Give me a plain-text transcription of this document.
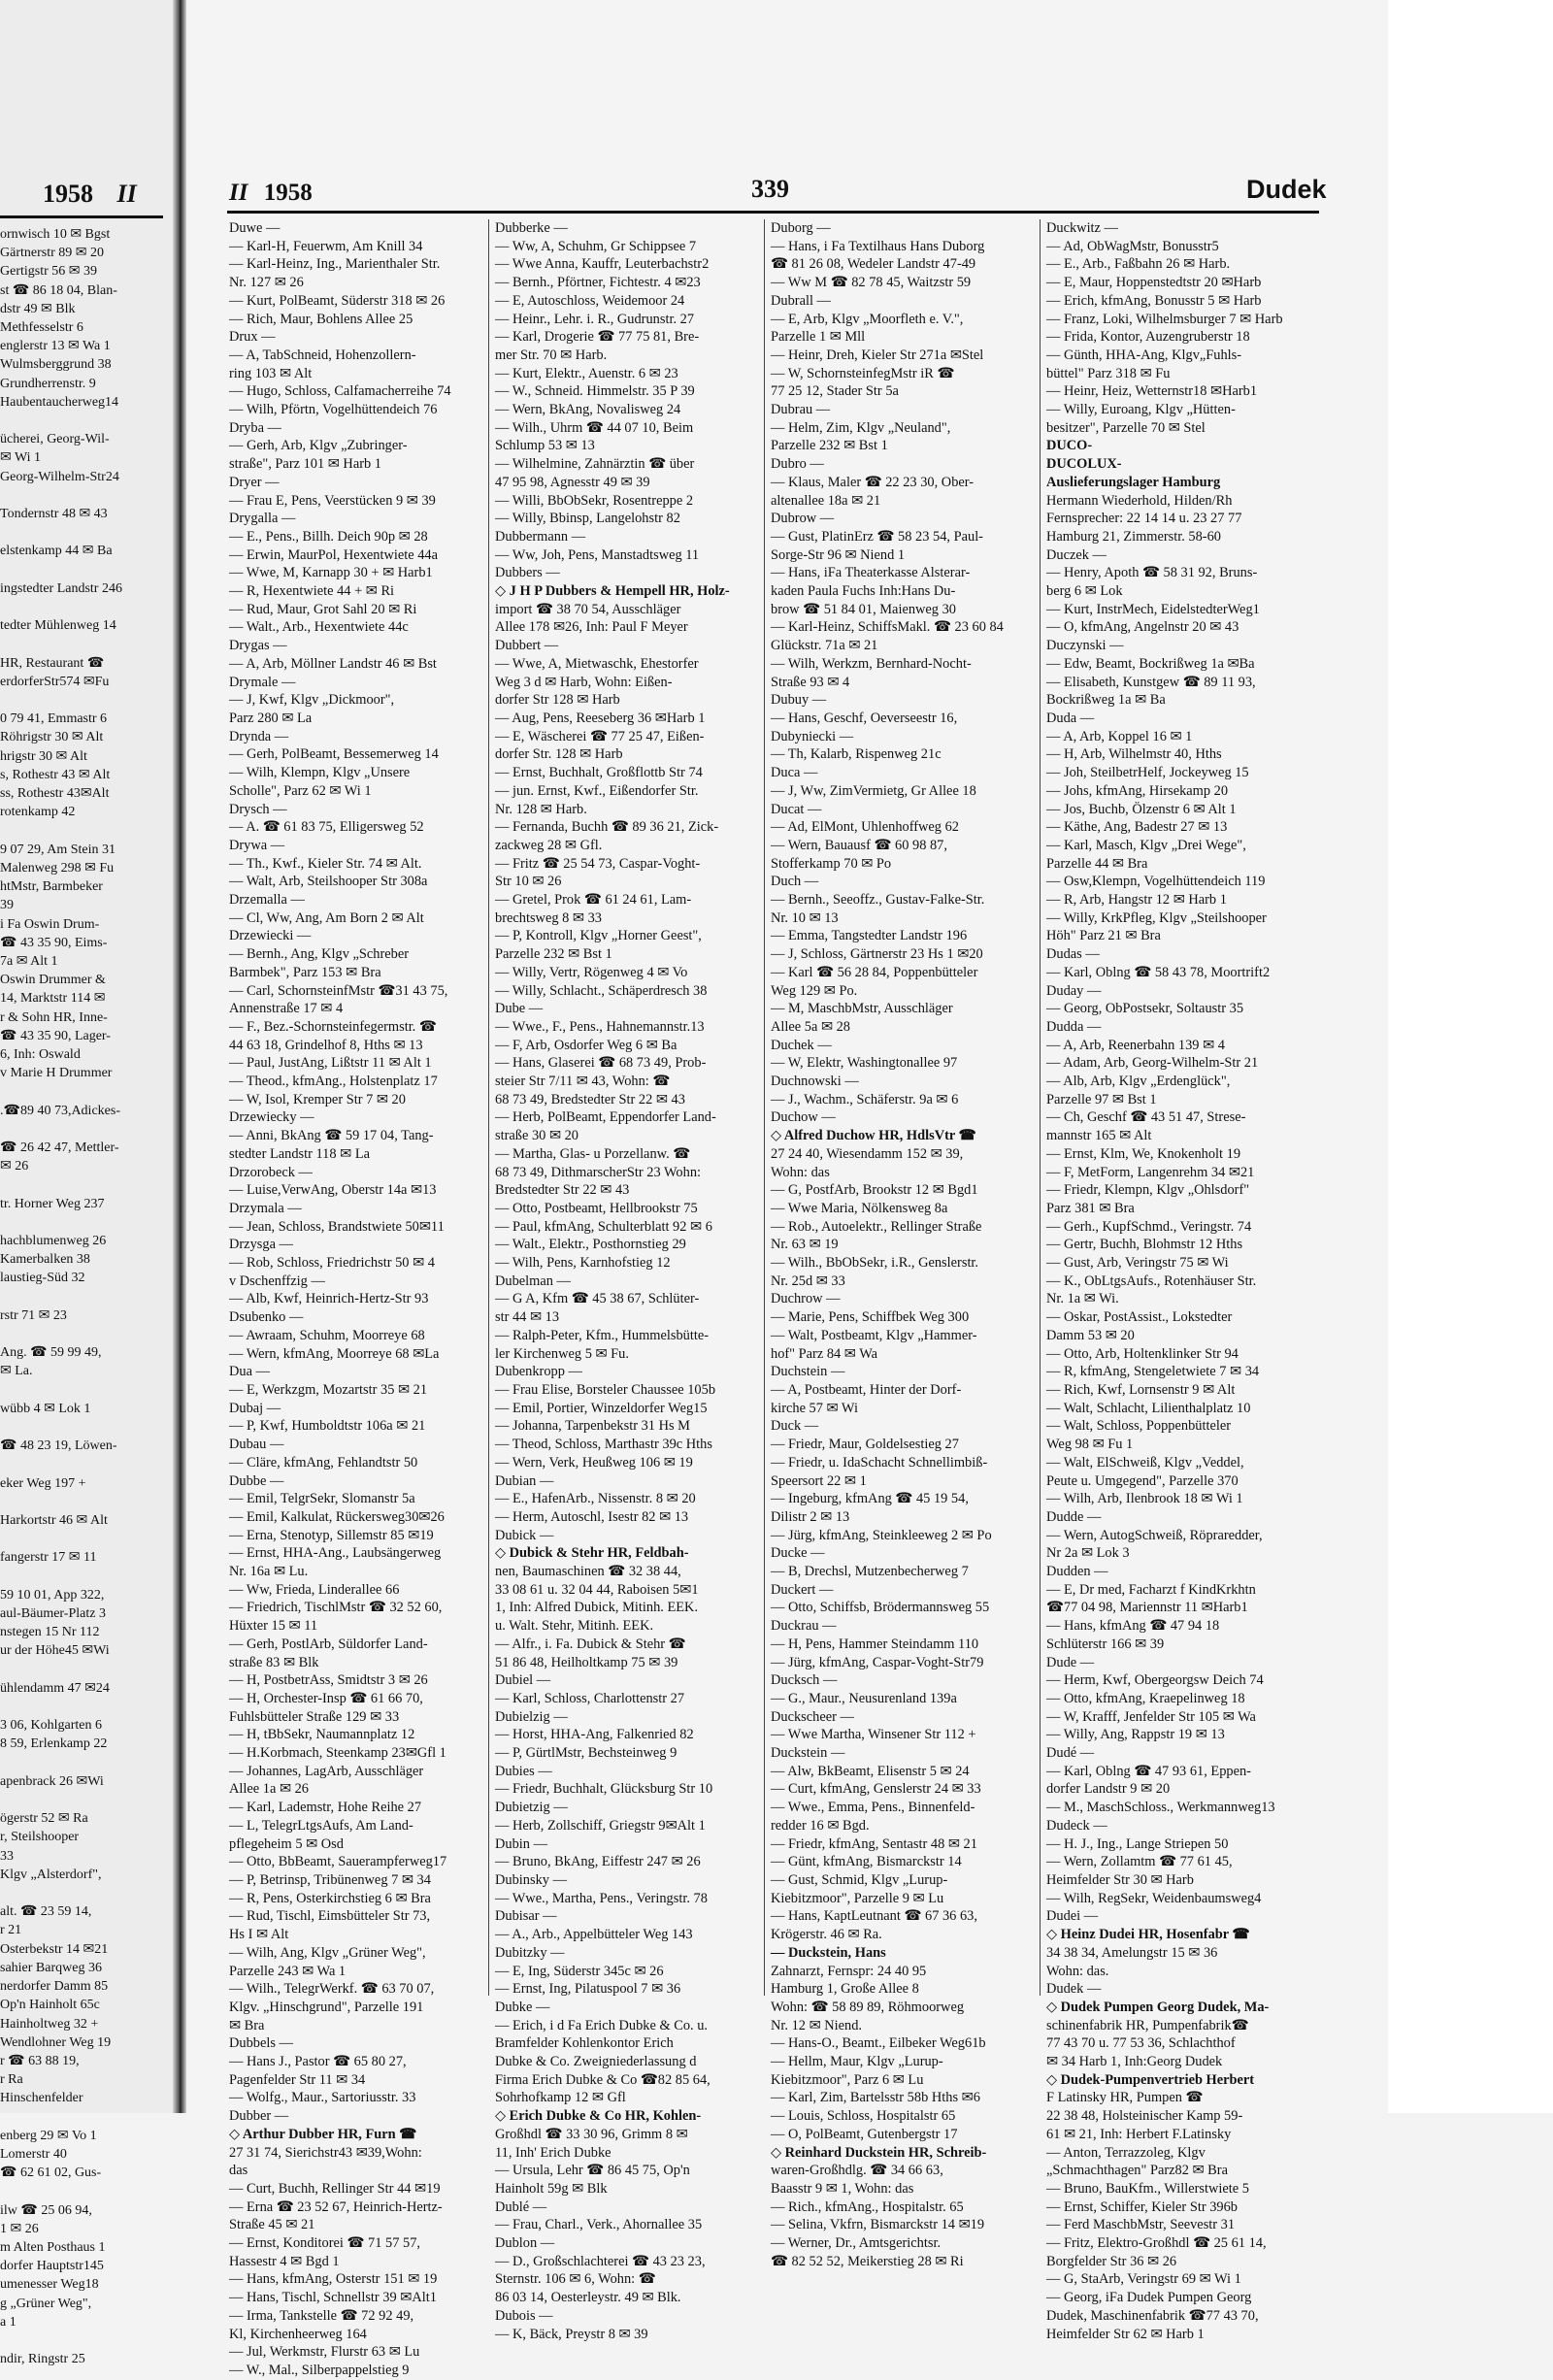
1958 II
ornwisch 10 ✉ Bgst
Gärtnerstr 89 ✉ 20
Gertigstr 56 ✉ 39
st ☎ 86 18 04, Blan-
dstr 49 ✉ Blk
Methfesselstr 6
englerstr 13 ✉ Wa 1
Wulmsberggrund 38
Grundherrenstr. 9
Haubentaucherweg14

ücherei, Georg-Wil-
✉ Wi 1
Georg-Wilhelm-Str24

Tondernstr 48 ✉ 43

elstenkamp 44 ✉ Ba

ingstedter Landstr 246

tedter Mühlenweg 14

HR, Restaurant ☎
erdorferStr574 ✉Fu

0 79 41, Emmastr 6
Röhrigstr 30 ✉ Alt
hrigstr 30 ✉ Alt
s, Rothestr 43 ✉ Alt
ss, Rothestr 43✉Alt
rotenkamp 42

9 07 29, Am Stein 31
Malenweg 298 ✉ Fu
htMstr, Barmbeker
39
i Fa Oswin Drum-
☎ 43 35 90, Eims-
7a ✉ Alt 1
Oswin Drummer &
14, Marktstr 114 ✉
r & Sohn HR, Inne-
☎ 43 35 90, Lager-
6, Inh: Oswald
v Marie H Drummer

.☎89 40 73,Adickes-

☎ 26 42 47, Mettler-
✉ 26

tr. Horner Weg 237

hachblumenweg 26
Kamerbalken 38
laustieg-Süd 32

rstr 71 ✉ 23

Ang. ☎ 59 99 49,
✉ La.

wübb 4 ✉ Lok 1

☎ 48 23 19, Löwen-

eker Weg 197 +

Harkortstr 46 ✉ Alt

fangerstr 17 ✉ 11

59 10 01, App 322,
aul-Bäumer-Platz 3
nstegen 15 Nr 112
ur der Höhe45 ✉Wi

ühlendamm 47 ✉24

3 06, Kohlgarten 6
8 59, Erlenkamp 22

apenbrack 26 ✉Wi

ögerstr 52 ✉ Ra
r, Steilshooper
33
Klgv „Alsterdorf",

alt. ☎ 23 59 14,
r 21
Osterbekstr 14 ✉21
sahier Barqweg 36
nerdorfer Damm 85
Op'n Hainholt 65c
Hainholtweg 32 +
Wendlohner Weg 19
r ☎ 63 88 19,
r Ra
Hinschenfelder

enberg 29 ✉ Vo 1
Lomerstr 40
☎ 62 61 02, Gus-

ilw ☎ 25 06 94,
1 ✉ 26
m Alten Posthaus 1
dorfer Hauptstr145
umenesser Weg18
g „Grüner Weg",
a 1

ndir, Ringstr 25
II 1958	339	Dudek
Duwe —
— Karl-H, Feuerwm, Am Knill 34
— Karl-Heinz, Ing., Marienthaler Str.
Nr. 127 ✉ 26
— Kurt, PolBeamt, Süderstr 318 ✉ 26
— Rich, Maur, Bohlens Allee 25
Drux —
— A, TabSchneid, Hohenzollern-
ring 103 ✉ Alt
— Hugo, Schloss, Calfamacherreihe 74
— Wilh, Pförtn, Vogelhüttendeich 76
Dryba —
— Gerh, Arb, Klgv „Zubringer-
straße", Parz 101 ✉ Harb 1
Dryer —
— Frau E, Pens, Veerstücken 9 ✉ 39
Drygalla —
— E., Pens., Billh. Deich 90p ✉ 28
— Erwin, MaurPol, Hexentwiete 44a
— Wwe, M, Karnapp 30 + ✉ Harb1
— R, Hexentwiete 44 + ✉ Ri
— Rud, Maur, Grot Sahl 20 ✉ Ri
— Walt., Arb., Hexentwiete 44c
Drygas —
— A, Arb, Möllner Landstr 46 ✉ Bst
Drymale —
— J, Kwf, Klgv „Dickmoor",
Parz 280 ✉ La
Drynda —
— Gerh, PolBeamt, Bessemerweg 14
— Wilh, Klempn, Klgv „Unsere
Scholle", Parz 62 ✉ Wi 1
Drysch —
— A. ☎ 61 83 75, Elligersweg 52
Drywa —
— Th., Kwf., Kieler Str. 74 ✉ Alt.
— Walt, Arb, Steilshooper Str 308a
Drzemalla —
— Cl, Ww, Ang, Am Born 2 ✉ Alt
Drzewiecki —
— Bernh., Ang, Klgv „Schreber
Barmbek", Parz 153 ✉ Bra
— Carl, SchornsteinfMstr ☎31 43 75,
Annenstraße 17 ✉ 4
— F., Bez.-Schornsteinfegermstr. ☎
44 63 18, Grindelhof 8, Hths ✉ 13
— Paul, JustAng, Lißtstr 11 ✉ Alt 1
— Theod., kfmAng., Holstenplatz 17
— W, Isol, Kremper Str 7 ✉ 20
Drzewiecky —
— Anni, BkAng ☎ 59 17 04, Tang-
stedter Landstr 118 ✉ La
Drzorobeck —
— Luise,VerwAng, Oberstr 14a ✉13
Drzymala —
— Jean, Schloss, Brandstwiete 50✉11
Drzysga —
— Rob, Schloss, Friedrichstr 50 ✉ 4
v Dschenffzig —
— Alb, Kwf, Heinrich-Hertz-Str 93
Dsubenko —
— Awraam, Schuhm, Moorreye 68
— Wern, kfmAng, Moorreye 68 ✉La
Dua —
— E, Werkzgm, Mozartstr 35 ✉ 21
Dubaj —
— P, Kwf, Humboldtstr 106a ✉ 21
Dubau —
— Cläre, kfmAng, Fehlandtstr 50
Dubbe —
— Emil, TelgrSekr, Slomanstr 5a
— Emil, Kalkulat, Rückersweg30✉26
— Erna, Stenotyp, Sillemstr 85 ✉19
— Ernst, HHA-Ang., Laubsängerweg
Nr. 16a ✉ Lu.
— Ww, Frieda, Linderallee 66
— Friedrich, TischlMstr ☎ 32 52 60,
Hüxter 15 ✉ 11
— Gerh, PostlArb, Süldorfer Land-
straße 83 ✉ Blk
— H, PostbetrAss, Smidtstr 3 ✉ 26
— H, Orchester-Insp ☎ 61 66 70,
Fuhlsbütteler Straße 129 ✉ 33
— H, tBbSekr, Naumannplatz 12
— H.Korbmach, Steenkamp 23✉Gfl 1
— Johannes, LagArb, Ausschläger
Allee 1a ✉ 26
— Karl, Lademstr, Hohe Reihe 27
— L, TelegrLtgsAufs, Am Land-
pflegeheim 5 ✉ Osd
— Otto, BbBeamt, Sauerampferweg17
— P, Betrinsp, Tribünenweg 7 ✉ 34
— R, Pens, Osterkirchstieg 6 ✉ Bra
— Rud, Tischl, Eimsbütteler Str 73,
Hs I ✉ Alt
— Wilh, Ang, Klgv „Grüner Weg",
Parzelle 243 ✉ Wa 1
— Wilh., TelegrWerkf. ☎ 63 70 07,
Klgv. „Hinschgrund", Parzelle 191
✉ Bra
Dubbels —
— Hans J., Pastor ☎ 65 80 27,
Pagenfelder Str 11 ✉ 34
— Wolfg., Maur., Sartoriusstr. 33
Dubber —
◇ Arthur Dubber HR, Furn ☎
27 31 74, Sierichstr43 ✉39,Wohn:
das
— Curt, Buchh, Rellinger Str 44 ✉19
— Erna ☎ 23 52 67, Heinrich-Hertz-
Straße 45 ✉ 21
— Ernst, Konditorei ☎ 71 57 57,
Hassestr 4 ✉ Bgd 1
— Hans, kfmAng, Osterstr 151 ✉ 19
— Hans, Tischl, Schnellstr 39 ✉Alt1
— Irma, Tankstelle ☎ 72 92 49,
Kl, Kirchenheerweg 164
— Jul, Werkmstr, Flurstr 63 ✉ Lu
— W., Mal., Silberpappelstieg 9
Dubberke —
— Ww, A, Schuhm, Gr Schippsee 7
— Wwe Anna, Kauffr, Leuterbachstr2
— Bernh., Pförtner, Fichtestr. 4 ✉23
— E, Autoschloss, Weidemoor 24
— Heinr., Lehr. i. R., Gudrunstr. 27
— Karl, Drogerie ☎ 77 75 81, Bre-
mer Str. 70 ✉ Harb.
— Kurt, Elektr., Auenstr. 6 ✉ 23
— W., Schneid. Himmelstr. 35 P 39
— Wern, BkAng, Novalisweg 24
— Wilh., Uhrm ☎ 44 07 10, Beim
Schlump 53 ✉ 13
— Wilhelmine, Zahnärztin ☎ über
47 95 98, Agnesstr 49 ✉ 39
— Willi, BbObSekr, Rosentreppe 2
— Willy, Bbinsp, Langelohstr 82
Dubbermann —
— Ww, Joh, Pens, Manstadtsweg 11
Dubbers —
◇ J H P Dubbers & Hempell HR, Holz-
import ☎ 38 70 54, Ausschläger
Allee 178 ✉26, Inh: Paul F Meyer
Dubbert —
— Wwe, A, Mietwaschk, Ehestorfer
Weg 3 d ✉ Harb, Wohn: Eißen-
dorfer Str 128 ✉ Harb
— Aug, Pens, Reeseberg 36 ✉Harb 1
— E, Wäscherei ☎ 77 25 47, Eißen-
dorfer Str. 128 ✉ Harb
— Ernst, Buchhalt, Großflottb Str 74
— jun. Ernst, Kwf., Eißendorfer Str.
Nr. 128 ✉ Harb.
— Fernanda, Buchh ☎ 89 36 21, Zick-
zackweg 28 ✉ Gfl.
— Fritz ☎ 25 54 73, Caspar-Voght-
Str 10 ✉ 26
— Gretel, Prok ☎ 61 24 61, Lam-
brechtsweg 8 ✉ 33
— P, Kontroll, Klgv „Horner Geest",
Parzelle 232 ✉ Bst 1
— Willy, Vertr, Rögenweg 4 ✉ Vo
— Willy, Schlacht., Schäperdresch 38
Dube —
— Wwe., F., Pens., Hahnemannstr.13
— F, Arb, Osdorfer Weg 6 ✉ Ba
— Hans, Glaserei ☎ 68 73 49, Prob-
steier Str 7/11 ✉ 43, Wohn: ☎
68 73 49, Bredstedter Str 22 ✉ 43
— Herb, PolBeamt, Eppendorfer Land-
straße 30 ✉ 20
— Martha, Glas- u Porzellanw. ☎
68 73 49, DithmarscherStr 23 Wohn:
Bredstedter Str 22 ✉ 43
— Otto, Postbeamt, Hellbrookstr 75
— Paul, kfmAng, Schulterblatt 92 ✉ 6
— Walt., Elektr., Posthornstieg 29
— Wilh, Pens, Karnhofstieg 12
Dubelman —
— G A, Kfm ☎ 45 38 67, Schlüter-
str 44 ✉ 13
— Ralph-Peter, Kfm., Hummelsbütte-
ler Kirchenweg 5 ✉ Fu.
Dubenkropp —
— Frau Elise, Borsteler Chaussee 105b
— Emil, Portier, Winzeldorfer Weg15
— Johanna, Tarpenbekstr 31 Hs M
— Theod, Schloss, Marthastr 39c Hths
— Wern, Verk, Heußweg 106 ✉ 19
Dubian —
— E., HafenArb., Nissenstr. 8 ✉ 20
— Herm, Autoschl, Isestr 82 ✉ 13
Dubick —
◇ Dubick & Stehr HR, Feldbah-
nen, Baumaschinen ☎ 32 38 44,
33 08 61 u. 32 04 44, Raboisen 5✉1
1, Inh: Alfred Dubick, Mitinh. EEK.
u. Walt. Stehr, Mitinh. EEK.
— Alfr., i. Fa. Dubick & Stehr ☎
51 86 48, Heilholtkamp 75 ✉ 39
Dubiel —
— Karl, Schloss, Charlottenstr 27
Dubielzig —
— Horst, HHA-Ang, Falkenried 82
— P, GürtlMstr, Bechsteinweg 9
Dubies —
— Friedr, Buchhalt, Glücksburg Str 10
Dubietzig —
— Herb, Zollschiff, Griegstr 9✉Alt 1
Dubin —
— Bruno, BkAng, Eiffestr 247 ✉ 26
Dubinsky —
— Wwe., Martha, Pens., Veringstr. 78
Dubisar —
— A., Arb., Appelbütteler Weg 143
Dubitzky —
— E, Ing, Süderstr 345c ✉ 26
— Ernst, Ing, Pilatuspool 7 ✉ 36
Dubke —
— Erich, i d Fa Erich Dubke & Co. u.
Bramfelder Kohlenkontor Erich
Dubke & Co. Zweigniederlassung d
Firma Erich Dubke & Co ☎82 85 64,
Sohrhofkamp 12 ✉ Gfl
◇ Erich Dubke & Co HR, Kohlen-
Großhdl ☎ 33 30 96, Grimm 8 ✉
11, Inh' Erich Dubke
— Ursula, Lehr ☎ 86 45 75, Op'n
Hainholt 59g ✉ Blk
Dublé —
— Frau, Charl., Verk., Ahornallee 35
Dublon —
— D., Großschlachterei ☎ 43 23 23,
Sternstr. 106 ✉ 6, Wohn: ☎
86 03 14, Oesterleystr. 49 ✉ Blk.
Dubois —
— K, Bäck, Preystr 8 ✉ 39
Duborg —
— Hans, i Fa Textilhaus Hans Duborg
☎ 81 26 08, Wedeler Landstr 47-49
— Ww M ☎ 82 78 45, Waitzstr 59
Dubrall —
— E, Arb, Klgv „Moorfleth e. V.",
Parzelle 1 ✉ Mll
— Heinr, Dreh, Kieler Str 271a ✉Stel
— W, SchornsteinfegMstr iR ☎
77 25 12, Stader Str 5a
Dubrau —
— Helm, Zim, Klgv „Neuland",
Parzelle 232 ✉ Bst 1
Dubro —
— Klaus, Maler ☎ 22 23 30, Ober-
altenallee 18a ✉ 21
Dubrow —
— Gust, PlatinErz ☎ 58 23 54, Paul-
Sorge-Str 96 ✉ Niend 1
— Hans, iFa Theaterkasse Alsterar-
kaden Paula Fuchs Inh:Hans Du-
brow ☎ 51 84 01, Maienweg 30
— Karl-Heinz, SchiffsMakl. ☎ 23 60 84
Glückstr. 71a ✉ 21
— Wilh, Werkzm, Bernhard-Nocht-
Straße 93 ✉ 4
Dubuy —
— Hans, Geschf, Oeverseestr 16,
Dubyniecki —
— Th, Kalarb, Rispenweg 21c
Duca —
— J, Ww, ZimVermietg, Gr Allee 18
Ducat —
— Ad, ElMont, Uhlenhoffweg 62
— Wern, Bauausf ☎ 60 98 87,
Stofferkamp 70 ✉ Po
Duch —
— Bernh., Seeoffz., Gustav-Falke-Str.
Nr. 10 ✉ 13
— Emma, Tangstedter Landstr 196
— J, Schloss, Gärtnerstr 23 Hs 1 ✉20
— Karl ☎ 56 28 84, Poppenbütteler
Weg 129 ✉ Po.
— M, MaschbMstr, Ausschläger
Allee 5a ✉ 28
Duchek —
— W, Elektr, Washingtonallee 97
Duchnowski —
— J., Wachm., Schäferstr. 9a ✉ 6
Duchow —
◇ Alfred Duchow HR, HdlsVtr ☎
27 24 40, Wiesendamm 152 ✉ 39,
Wohn: das
— G, PostfArb, Brookstr 12 ✉ Bgd1
— Wwe Maria, Nölkensweg 8a
— Rob., Autoelektr., Rellinger Straße
Nr. 63 ✉ 19
— Wilh., BbObSekr, i.R., Genslerstr.
Nr. 25d ✉ 33
Duchrow —
— Marie, Pens, Schiffbek Weg 300
— Walt, Postbeamt, Klgv „Hammer-
hof" Parz 84 ✉ Wa
Duchstein —
— A, Postbeamt, Hinter der Dorf-
kirche 57 ✉ Wi
Duck —
— Friedr, Maur, Goldelsestieg 27
— Friedr, u. IdaSchacht Schnellimbiß-
Speersort 22 ✉ 1
— Ingeburg, kfmAng ☎ 45 19 54,
Dilistr 2 ✉ 13
— Jürg, kfmAng, Steinkleeweg 2 ✉ Po
Ducke —
— B, Drechsl, Mutzenbecherweg 7
Duckert —
— Otto, Schiffsb, Brödermannsweg 55
Duckrau —
— H, Pens, Hammer Steindamm 110
— Jürg, kfmAng, Caspar-Voght-Str79
Ducksch —
— G., Maur., Neusurenland 139a
Duckscheer —
— Wwe Martha, Winsener Str 112 +
Duckstein —
— Alw, BkBeamt, Elisenstr 5 ✉ 24
— Curt, kfmAng, Genslerstr 24 ✉ 33
— Wwe., Emma, Pens., Binnenfeld-
redder 16 ✉ Bgd.
— Friedr, kfmAng, Sentastr 48 ✉ 21
— Günt, kfmAng, Bismarckstr 14
— Gust, Schmid, Klgv „Lurup-
Kiebitzmoor", Parzelle 9 ✉ Lu
— Hans, KaptLeutnant ☎ 67 36 63,
Krögerstr. 46 ✉ Ra.
— Duckstein, Hans
Zahnarzt, Fernspr: 24 40 95
Hamburg 1, Große Allee 8
Wohn: ☎ 58 89 89, Röhmoorweg
Nr. 12 ✉ Niend.
— Hans-O., Beamt., Eilbeker Weg61b
— Hellm, Maur, Klgv „Lurup-
Kiebitzmoor", Parz 6 ✉ Lu
— Karl, Zim, Bartelsstr 58b Hths ✉6
— Louis, Schloss, Hospitalstr 65
— O, PolBeamt, Gutenbergstr 17
◇ Reinhard Duckstein HR, Schreib-
waren-Großhdlg. ☎ 34 66 63,
Baasstr 9 ✉ 1, Wohn: das
— Rich., kfmAng., Hospitalstr. 65
— Selina, Vkfrn, Bismarckstr 14 ✉19
— Werner, Dr., Amtsgerichtsr.
☎ 82 52 52, Meikerstieg 28 ✉ Ri
Duckwitz —
— Ad, ObWagMstr, Bonusstr5
— E., Arb., Faßbahn 26 ✉ Harb.
— E, Maur, Hoppenstedtstr 20 ✉Harb
— Erich, kfmAng, Bonusstr 5 ✉ Harb
— Franz, Loki, Wilhelmsburger 7 ✉ Harb
— Frida, Kontor, Auzengruberstr 18
— Günth, HHA-Ang, Klgv„Fuhls-
büttel" Parz 318 ✉ Fu
— Heinr, Heiz, Wetternstr18 ✉Harb1
— Willy, Euroang, Klgv „Hütten-
besitzer", Parzelle 70 ✉ Stel
DUCO-
DUCOLUX-
Auslieferungslager Hamburg
Hermann Wiederhold, Hilden/Rh
Fernsprecher: 22 14 14 u. 23 27 77
Hamburg 21, Zimmerstr. 58-60
Duczek —
— Henry, Apoth ☎ 58 31 92, Bruns-
berg 6 ✉ Lok
— Kurt, InstrMech, EidelstedterWeg1
— O, kfmAng, Angelnstr 20 ✉ 43
Duczynski —
— Edw, Beamt, Bockrißweg 1a ✉Ba
— Elisabeth, Kunstgew ☎ 89 11 93,
Bockrißweg 1a ✉ Ba
Duda —
— A, Arb, Koppel 16 ✉ 1
— H, Arb, Wilhelmstr 40, Hths
— Joh, SteilbetrHelf, Jockeyweg 15
— Johs, kfmAng, Hirsekamp 20
— Jos, Buchb, Ölzenstr 6 ✉ Alt 1
— Käthe, Ang, Badestr 27 ✉ 13
— Karl, Masch, Klgv „Drei Wege",
Parzelle 44 ✉ Bra
— Osw,Klempn, Vogelhüttendeich 119
— R, Arb, Hangstr 12 ✉ Harb 1
— Willy, KrkPfleg, Klgv „Steilshooper
Höh" Parz 21 ✉ Bra
Dudas —
— Karl, Oblng ☎ 58 43 78, Moortrift2
Duday —
— Georg, ObPostsekr, Soltaustr 35
Dudda —
— A, Arb, Reenerbahn 139 ✉ 4
— Adam, Arb, Georg-Wilhelm-Str 21
— Alb, Arb, Klgv „Erdenglück",
Parzelle 97 ✉ Bst 1
— Ch, Geschf ☎ 43 51 47, Strese-
mannstr 165 ✉ Alt
— Ernst, Klm, We, Knokenholt 19
— F, MetForm, Langenrehm 34 ✉21
— Friedr, Klempn, Klgv „Ohlsdorf"
Parz 381 ✉ Bra
— Gerh., KupfSchmd., Veringstr. 74
— Gertr, Buchh, Blohmstr 12 Hths
— Gust, Arb, Veringstr 75 ✉ Wi
— K., ObLtgsAufs., Rotenhäuser Str.
Nr. 1a ✉ Wi.
— Oskar, PostAssist., Lokstedter
Damm 53 ✉ 20
— Otto, Arb, Holtenklinker Str 94
— R, kfmAng, Stengeletwiete 7 ✉ 34
— Rich, Kwf, Lornsenstr 9 ✉ Alt
— Walt, Schlacht, Lilienthalplatz 10
— Walt, Schloss, Poppenbütteler
Weg 98 ✉ Fu 1
— Walt, ElSchweiß, Klgv „Veddel,
Peute u. Umgegend", Parzelle 370
— Wilh, Arb, Ilenbrook 18 ✉ Wi 1
Dudde —
— Wern, AutogSchweiß, Röpraredder,
Nr 2a ✉ Lok 3
Dudden —
— E, Dr med, Facharzt f KindKrkhtn
☎77 04 98, Mariennstr 11 ✉Harb1
— Hans, kfmAng ☎ 47 94 18
Schlüterstr 166 ✉ 39
Dude —
— Herm, Kwf, Obergeorgsw Deich 74
— Otto, kfmAng, Kraepelinweg 18
— W, Krafff, Jenfelder Str 105 ✉ Wa
— Willy, Ang, Rappstr 19 ✉ 13
Dudé —
— Karl, Oblng ☎ 47 93 61, Eppen-
dorfer Landstr 9 ✉ 20
— M., MaschSchloss., Werkmannweg13
Dudeck —
— H. J., Ing., Lange Striepen 50
— Wern, Zollamtm ☎ 77 61 45,
Heimfelder Str 30 ✉ Harb
— Wilh, RegSekr, Weidenbaumsweg4
Dudei —
◇ Heinz Dudei HR, Hosenfabr ☎
34 38 34, Amelungstr 15 ✉ 36
Wohn: das.
Dudek —
◇ Dudek Pumpen Georg Dudek, Ma-
schinenfabrik HR, Pumpenfabrik☎
77 43 70 u. 77 53 36, Schlachthof
✉ 34 Harb 1, Inh:Georg Dudek
◇ Dudek-Pumpenvertrieb Herbert
F Latinsky HR, Pumpen ☎
22 38 48, Holsteinischer Kamp 59-
61 ✉ 21, Inh: Herbert F.Latinsky
— Anton, Terrazzoleg, Klgv
„Schmachthagen" Parz82 ✉ Bra
— Bruno, BauKfm., Willerstwiete 5
— Ernst, Schiffer, Kieler Str 396b
— Ferd MaschbMstr, Seevestr 31
— Fritz, Elektro-Großhdl ☎ 25 61 14,
Borgfelder Str 36 ✉ 26
— G, StaArb, Veringstr 69 ✉ Wi 1
— Georg, iFa Dudek Pumpen Georg
Dudek, Maschinenfabrik ☎77 43 70,
Heimfelder Str 62 ✉ Harb 1
